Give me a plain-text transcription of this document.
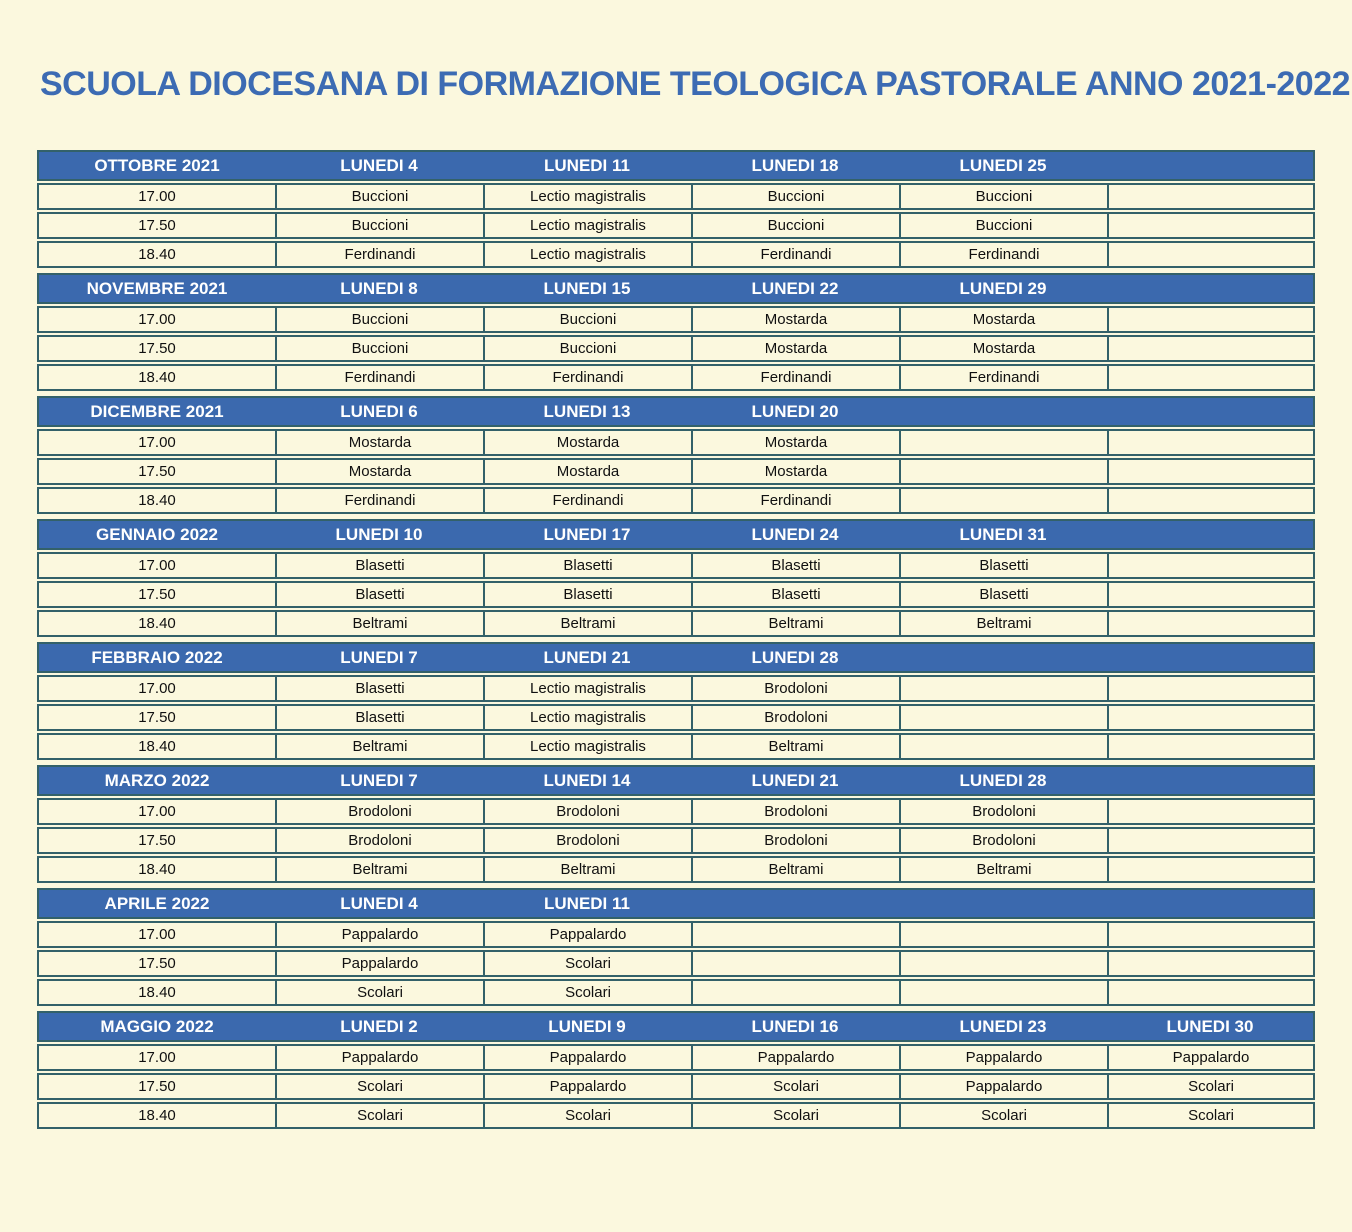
SCUOLA DIOCESANA DI FORMAZIONE TEOLOGICA PASTORALE ANNO 2021-2022
OTTOBRE 2021	LUNEDI 4	LUNEDI 11	LUNEDI 18	LUNEDI 25	
17.00	Buccioni	Lectio magistralis	Buccioni	Buccioni	
17.50	Buccioni	Lectio magistralis	Buccioni	Buccioni	
18.40	Ferdinandi	Lectio magistralis	Ferdinandi	Ferdinandi	
NOVEMBRE 2021	LUNEDI 8	LUNEDI 15	LUNEDI 22	LUNEDI 29	
17.00	Buccioni	Buccioni	Mostarda	Mostarda	
17.50	Buccioni	Buccioni	Mostarda	Mostarda	
18.40	Ferdinandi	Ferdinandi	Ferdinandi	Ferdinandi	
DICEMBRE 2021	LUNEDI 6	LUNEDI 13	LUNEDI 20		
17.00	Mostarda	Mostarda	Mostarda		
17.50	Mostarda	Mostarda	Mostarda		
18.40	Ferdinandi	Ferdinandi	Ferdinandi		
GENNAIO 2022	LUNEDI 10	LUNEDI 17	LUNEDI 24	LUNEDI 31	
17.00	Blasetti	Blasetti	Blasetti	Blasetti	
17.50	Blasetti	Blasetti	Blasetti	Blasetti	
18.40	Beltrami	Beltrami	Beltrami	Beltrami	
FEBBRAIO 2022	LUNEDI 7	LUNEDI 21	LUNEDI 28		
17.00	Blasetti	Lectio magistralis	Brodoloni		
17.50	Blasetti	Lectio magistralis	Brodoloni		
18.40	Beltrami	Lectio magistralis	Beltrami		
MARZO 2022	LUNEDI 7	LUNEDI 14	LUNEDI 21	LUNEDI 28	
17.00	Brodoloni	Brodoloni	Brodoloni	Brodoloni	
17.50	Brodoloni	Brodoloni	Brodoloni	Brodoloni	
18.40	Beltrami	Beltrami	Beltrami	Beltrami	
APRILE 2022	LUNEDI 4	LUNEDI 11			
17.00	Pappalardo	Pappalardo			
17.50	Pappalardo	Scolari			
18.40	Scolari	Scolari			
MAGGIO 2022	LUNEDI 2	LUNEDI 9	LUNEDI 16	LUNEDI 23	LUNEDI 30
17.00	Pappalardo	Pappalardo	Pappalardo	Pappalardo	Pappalardo
17.50	Scolari	Pappalardo	Scolari	Pappalardo	Scolari
18.40	Scolari	Scolari	Scolari	Scolari	Scolari
